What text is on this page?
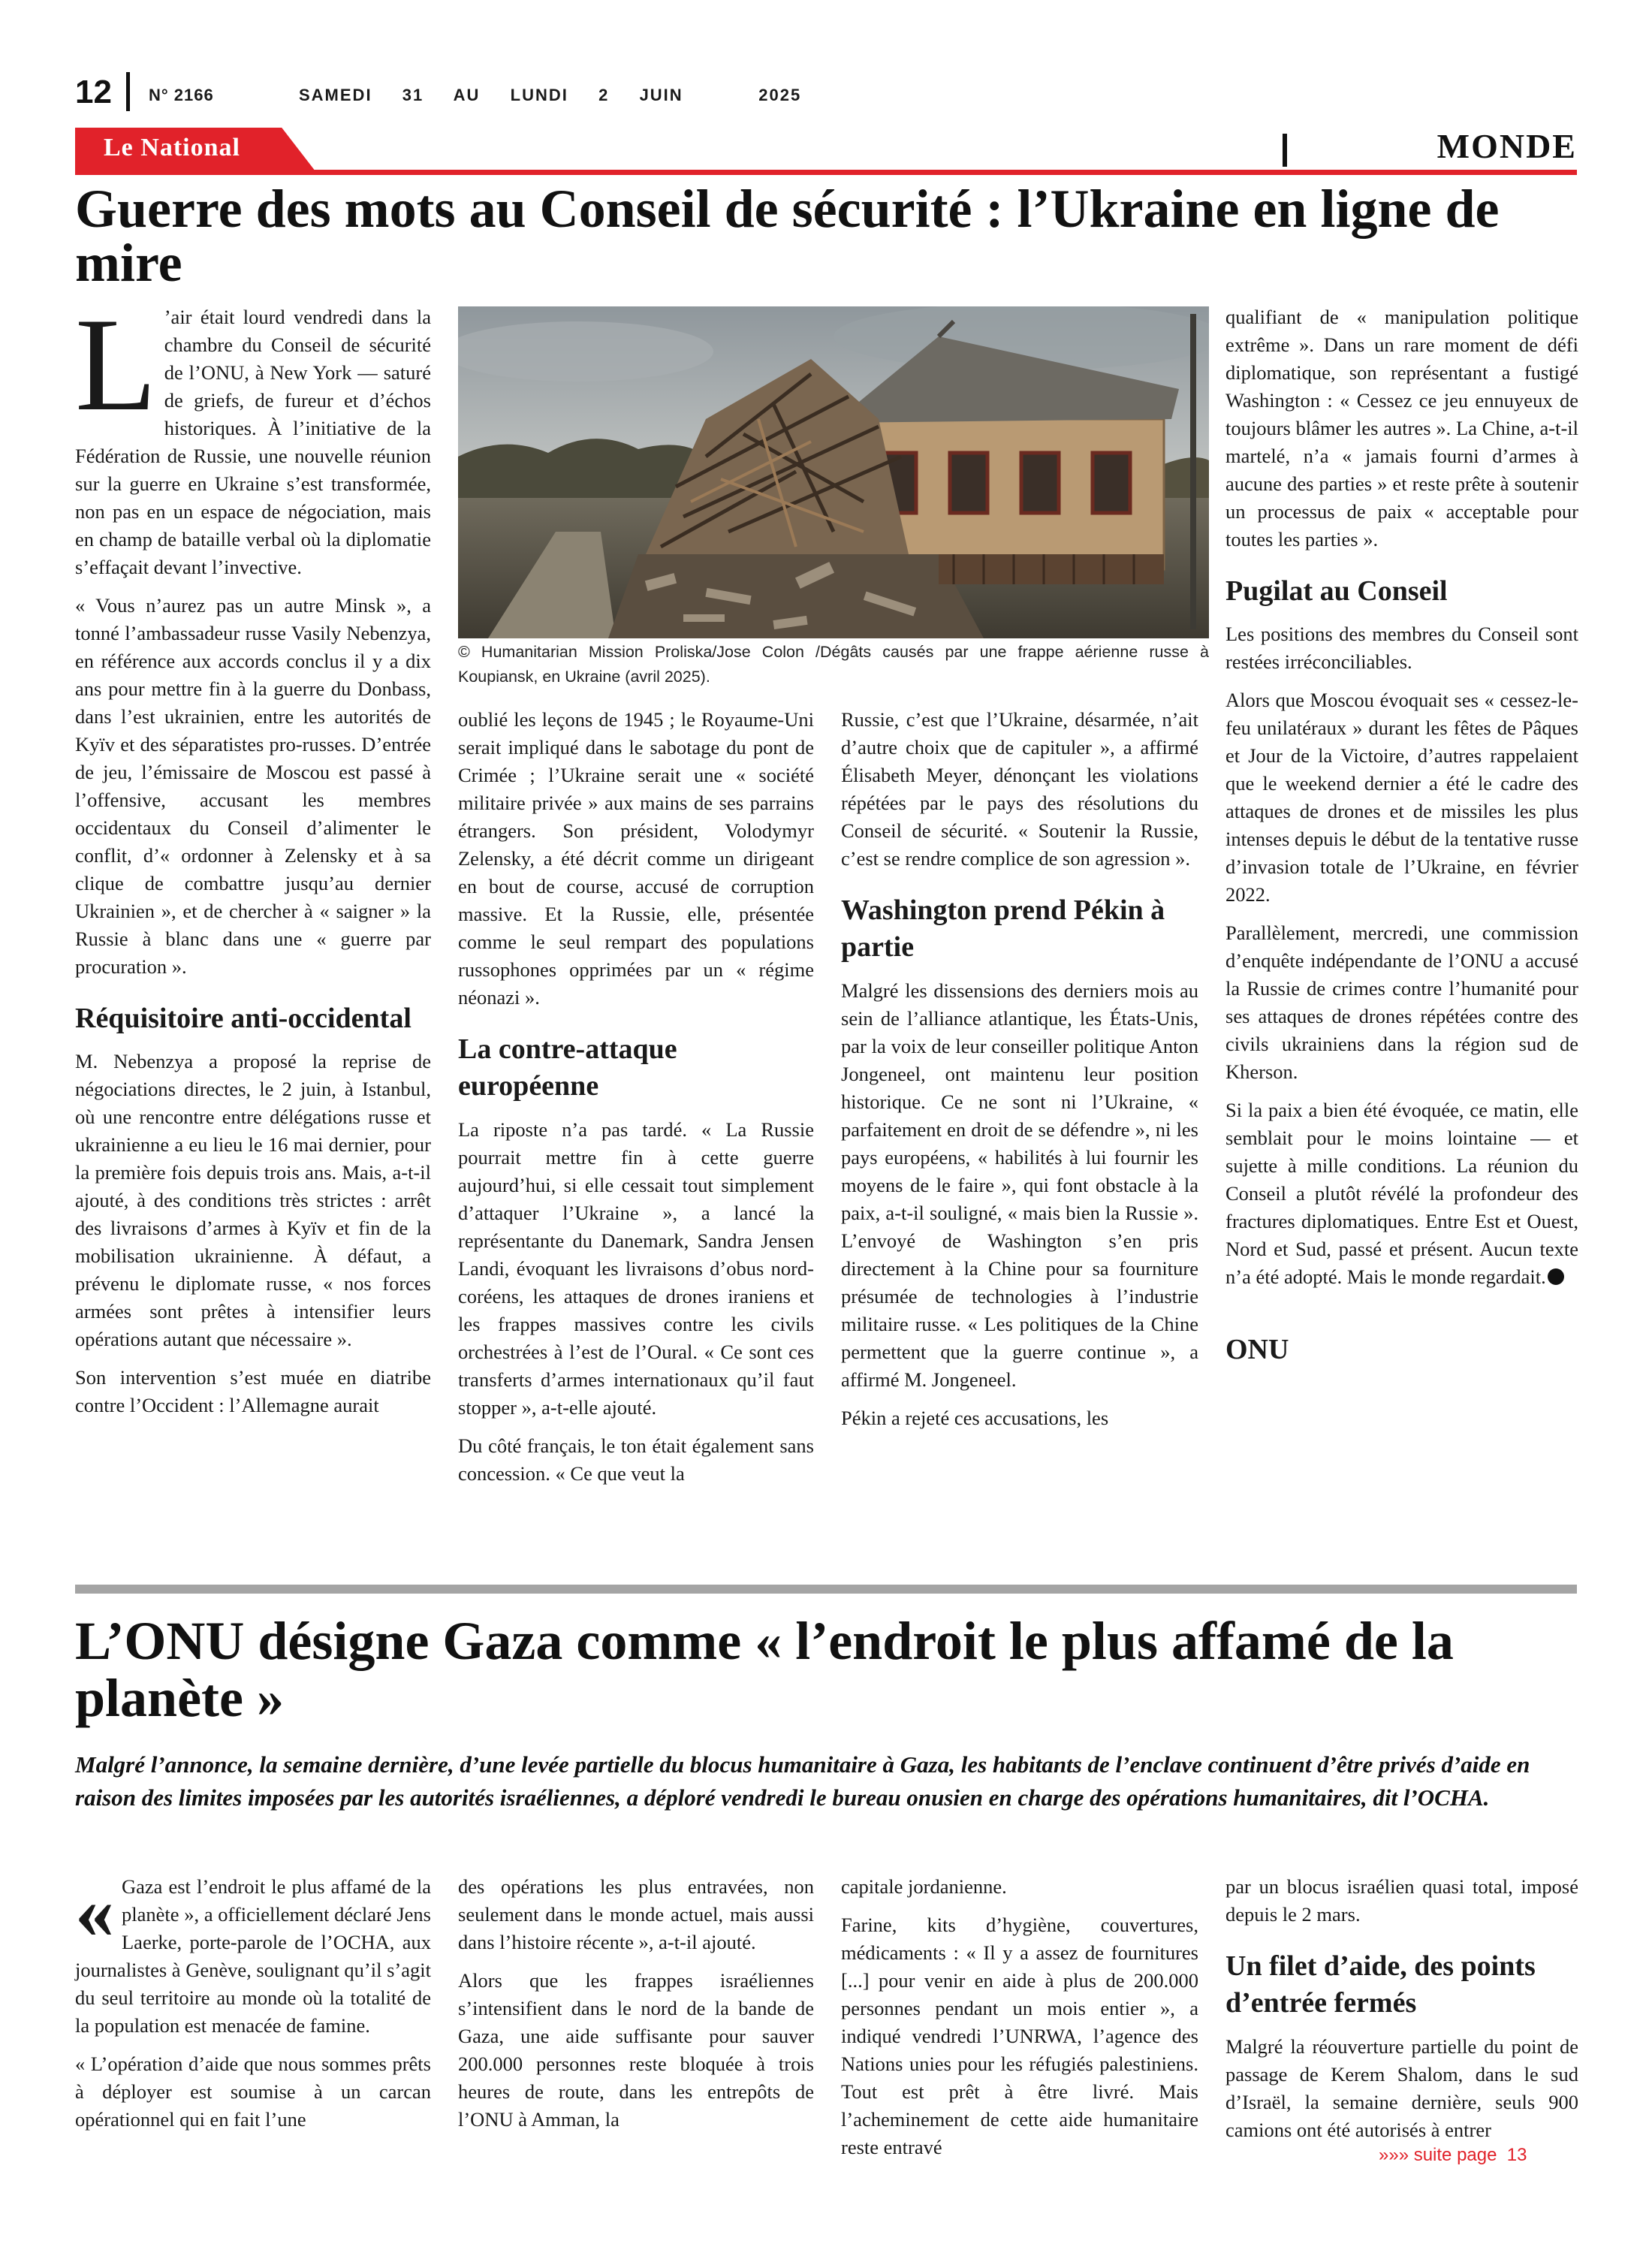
12 N° 2166	SAMEDI  31  AU  LUNDI  2  JUIN     2025
Le National	MONDE
Guerre des mots au Conseil de sécurité : l’Ukraine en ligne de mire

L ’air était lourd vendredi dans la chambre du Conseil de sécurité de l’ONU, à New York — saturé de griefs, de fureur et d’échos historiques. À l’initiative de la Fédération de Russie, une nouvelle réunion sur la guerre en Ukraine s’est transformée, non pas en un espace de négociation, mais en champ de bataille verbal où la diplomatie s’effaçait devant l’invective.

« Vous n’aurez pas un autre Minsk », a tonné l’ambassadeur russe Vasily Nebenzya, en référence aux accords conclus il y a dix ans pour mettre fin à la guerre du Donbass, dans l’est ukrainien, entre les autorités de Kyïv et des séparatistes pro-russes. D’entrée de jeu, l’émissaire de Moscou est passé à l’offensive, accusant les membres occidentaux du Conseil d’alimenter le conflit, d’« ordonner à Zelensky et à sa clique de combattre jusqu’au dernier Ukrainien », et de chercher à « saigner » la Russie à blanc dans une « guerre par procuration ».

Réquisitoire anti-occidental

M. Nebenzya a proposé la reprise de négociations directes, le 2 juin, à Istanbul, où une rencontre entre délégations russe et ukrainienne a eu lieu le 16 mai dernier, pour la première fois depuis trois ans. Mais, a-t-il ajouté, à des conditions très strictes : arrêt des livraisons d’armes à Kyïv et fin de la mobilisation ukrainienne. À défaut, a prévenu le diplomate russe, « nos forces armées sont prêtes à intensifier leurs opérations autant que nécessaire ».

Son intervention s’est muée en diatribe contre l’Occident : l’Allemagne aurait

© Humanitarian Mission Proliska/Jose Colon /Dégâts causés par une frappe aérienne russe à Koupiansk, en Ukraine (avril 2025).

oublié les leçons de 1945 ; le Royaume-Uni serait impliqué dans le sabotage du pont de Crimée ; l’Ukraine serait une « société militaire privée » aux mains de ses parrains étrangers. Son président, Volodymyr Zelensky, a été décrit comme un dirigeant en bout de course, accusé de corruption massive. Et la Russie, elle, présentée comme le seul rempart des populations russophones opprimées par un « régime néonazi ».

La contre-attaque européenne

La riposte n’a pas tardé. « La Russie pourrait mettre fin à cette guerre aujourd’hui, si elle cessait tout simplement d’attaquer l’Ukraine », a lancé la représentante du Danemark, Sandra Jensen Landi, évoquant les livraisons d’obus nord-coréens, les attaques de drones iraniens et les frappes massives contre les civils orchestrées à l’est de l’Oural. « Ce sont ces transferts d’armes internationaux qu’il faut stopper », a-t-elle ajouté.

Du côté français, le ton était également sans concession. « Ce que veut la

Russie, c’est que l’Ukraine, désarmée, n’ait d’autre choix que de capituler », a affirmé Élisabeth Meyer, dénonçant les violations répétées par le pays des résolutions du Conseil de sécurité. « Soutenir la Russie, c’est se rendre complice de son agression ».

Washington prend Pékin à partie

Malgré les dissensions des derniers mois au sein de l’alliance atlantique, les États-Unis, par la voix de leur conseiller politique Anton Jongeneel, ont maintenu leur position historique. Ce ne sont ni l’Ukraine, « parfaitement en droit de se défendre », ni les pays européens, « habilités à lui fournir les moyens de le faire », qui font obstacle à la paix, a-t-il souligné, « mais bien la Russie ». L’envoyé de Washington s’en pris directement à la Chine pour sa fourniture présumée de technologies à l’industrie militaire russe. « Les politiques de la Chine permettent que la guerre continue », a affirmé M. Jongeneel.

Pékin a rejeté ces accusations, les

qualifiant de « manipulation politique extrême ». Dans un rare moment de défi diplomatique, son représentant a fustigé Washington : « Cessez ce jeu ennuyeux de toujours blâmer les autres ». La Chine, a-t-il martelé, n’a « jamais fourni d’armes à aucune des parties » et reste prête à soutenir un processus de paix « acceptable pour toutes les parties ».

Pugilat au Conseil

Les positions des membres du Conseil sont restées irréconciliables.

Alors que Moscou évoquait ses « cessez-le-feu unilatéraux » durant les fêtes de Pâques et Jour de la Victoire, d’autres rappelaient que le weekend dernier a été le cadre des attaques de drones et de missiles les plus intenses depuis le début de la tentative russe d’invasion totale de l’Ukraine, en février 2022.

Parallèlement, mercredi, une commission d’enquête indépendante de l’ONU a accusé la Russie de crimes contre l’humanité pour ses attaques de drones répétées contre des civils ukrainiens dans la région sud de Kherson.

Si la paix a bien été évoquée, ce matin, elle semblait pour le moins lointaine — et sujette à mille conditions. La réunion du Conseil a plutôt révélé la profondeur des fractures diplomatiques. Entre Est et Ouest, Nord et Sud, passé et présent. Aucun texte n’a été adopté. Mais le monde regardait.

ONU
L’ONU désigne Gaza comme « l’endroit le plus affamé de la planète »

Malgré l’annonce, la semaine dernière, d’une levée partielle du blocus humanitaire à Gaza, les habitants de l’enclave continuent d’être privés d’aide en raison des limites imposées par les autorités israéliennes, a déploré vendredi le bureau onusien en charge des opérations humanitaires, dit l’OCHA.

« Gaza est l’endroit le plus affamé de la planète », a officiellement déclaré Jens Laerke, porte-parole de l’OCHA, aux journalistes à Genève, soulignant qu’il s’agit du seul territoire au monde où la totalité de la population est menacée de famine.

« L’opération d’aide que nous sommes prêts à déployer est soumise à un carcan opérationnel qui en fait l’une

des opérations les plus entravées, non seulement dans le monde actuel, mais aussi dans l’histoire récente », a-t-il ajouté.

Alors que les frappes israéliennes s’intensifient dans le nord de la bande de Gaza, une aide suffisante pour sauver 200.000 personnes reste bloquée à trois heures de route, dans les entrepôts de l’ONU à Amman, la

capitale jordanienne.

Farine, kits d’hygiène, couvertures, médicaments : « Il y a assez de fournitures [...] pour venir en aide à plus de 200.000 personnes pendant un mois entier », a indiqué vendredi l’UNRWA, l’agence des Nations unies pour les réfugiés palestiniens. Tout est prêt à être livré. Mais l’acheminement de cette aide humanitaire reste entravé

par un blocus israélien quasi total, imposé depuis le 2 mars.

Un filet d’aide, des points d’entrée fermés

Malgré la réouverture partielle du point de passage de Kerem Shalom, dans le sud d’Israël, la semaine dernière, seuls 900 camions ont été autorisés à entrer

»»» suite page  13
